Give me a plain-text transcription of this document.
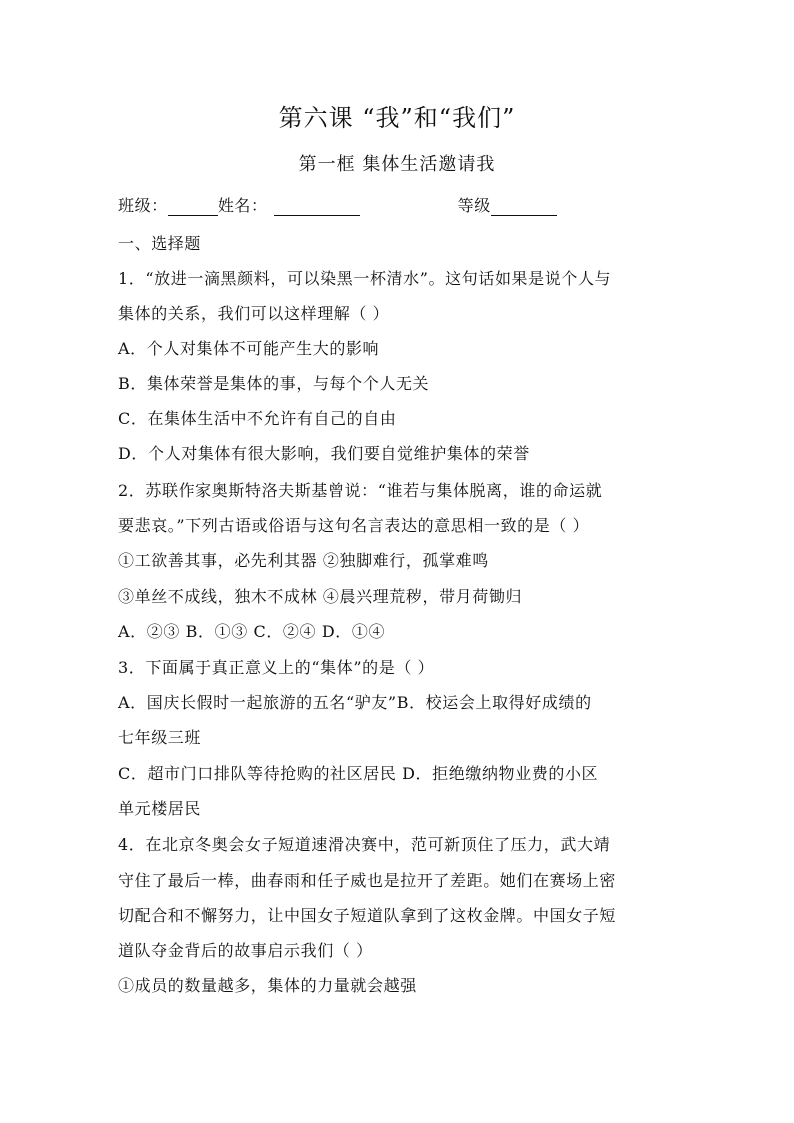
第六课 “我”和“我们”
第一框 集体生活邀请我
班级：	姓名：	等级
一、选择题
1．“放进一滴黑颜料，可以染黑一杯清水”。这句话如果是说个人与
集体的关系，我们可以这样理解（ ）
A．个人对集体不可能产生大的影响
B．集体荣誉是集体的事，与每个个人无关
C．在集体生活中不允许有自己的自由
D．个人对集体有很大影响，我们要自觉维护集体的荣誉
2．苏联作家奥斯特洛夫斯基曾说：“谁若与集体脱离，谁的命运就
要悲哀。”下列古语或俗语与这句名言表达的意思相一致的是（ ）
①工欲善其事，必先利其器 ②独脚难行，孤掌难鸣
③单丝不成线，独木不成林 ④晨兴理荒秽，带月荷锄归
A．②③ B．①③ C．②④ D．①④
3．下面属于真正意义上的“集体”的是（ ）
A．国庆长假时一起旅游的五名“驴友”B．校运会上取得好成绩的
七年级三班
C．超市门口排队等待抢购的社区居民 D．拒绝缴纳物业费的小区
单元楼居民
4．在北京冬奥会女子短道速滑决赛中，范可新顶住了压力，武大靖
守住了最后一棒，曲春雨和任子威也是拉开了差距。她们在赛场上密
切配合和不懈努力，让中国女子短道队拿到了这枚金牌。中国女子短
道队夺金背后的故事启示我们（ ）
①成员的数量越多，集体的力量就会越强
